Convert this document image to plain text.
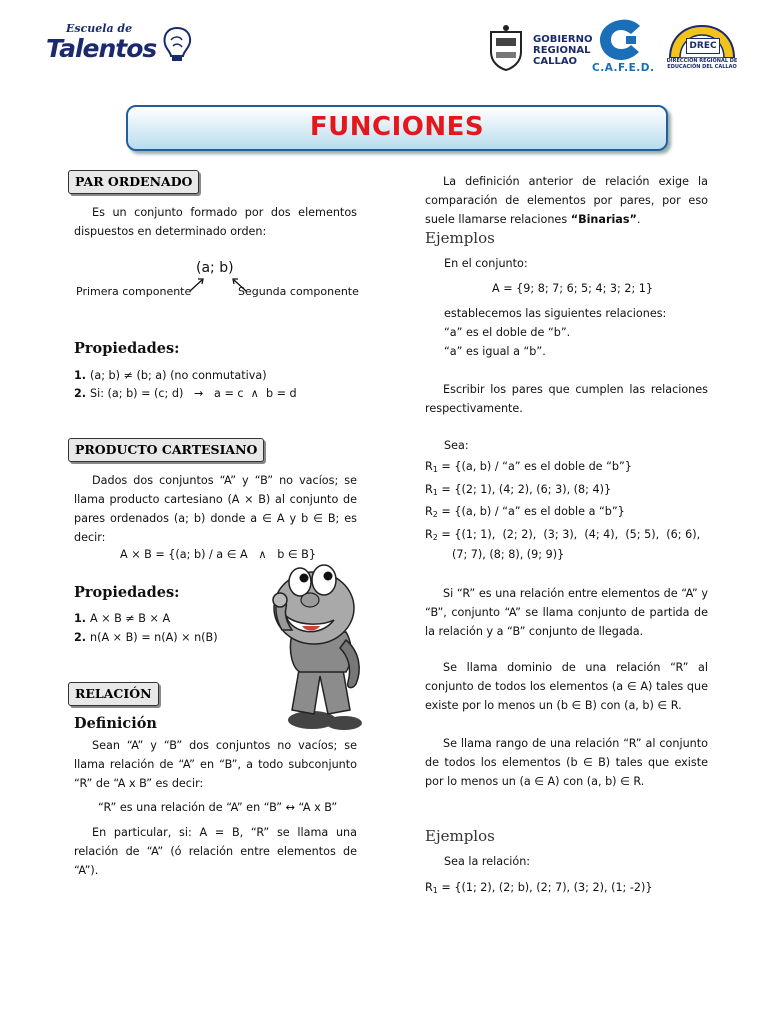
Escuela de
Talentos	GOBIERNO
REGIONAL
CALLAO
C.A.F.E.D.
DREC
DIRECCIÓN REGIONAL DE
EDUCACIÓN DEL CALLAO
FUNCIONES
PAR ORDENADO
Es un conjunto formado por dos elementos dispuestos en determinado orden:
(a; b)
Primera componente	Segunda componente
Propiedades:
1. (a; b) ≠ (b; a) (no conmutativa)
2. Si: (a; b) = (c; d)   →   a = c  ∧  b = d
PRODUCTO CARTESIANO
Dados dos conjuntos “A” y “B” no vacíos; se llama producto cartesiano (A × B) al conjunto de pares ordenados (a; b) donde a ∈ A y b ∈ B; es decir:
A × B = {(a; b) / a ∈ A   ∧   b ∈ B}
Propiedades:
1. A × B ≠ B × A
2. n(A × B) = n(A) × n(B)
RELACIÓN
Definición
Sean “A” y “B” dos conjuntos no vacíos; se llama relación de “A” en “B”, a todo subconjunto “R” de “A x B” es decir:
“R” es una relación de “A” en “B” ↔ “A x B”
En particular, si: A = B, “R” se llama una relación de “A” (ó relación entre elementos de “A”).
La definición anterior de relación exige la comparación de elementos por pares, por eso suele llamarse relaciones “Binarias”.
Ejemplos
En el conjunto:
A = {9; 8; 7; 6; 5; 4; 3; 2; 1}
establecemos las siguientes relaciones:
“a” es el doble de “b”.
“a” es igual a “b”.
Escribir los pares que cumplen las relaciones respectivamente.
Sea:
$R_1 = \{(a$, b) / “a” es el doble de “b”}
$R_1 = \{(2$; 1), (4; 2), (6; 3), (8; 4)}
$R_2 = \{(a$, b) / “a” es el doble a “b”}
$R_2 = \{(1$; 1),  (2; 2),  (3; 3),  (4; 4),  (5; 5),  (6; 6),
(7; 7), (8; 8), (9; 9)}
Si “R” es una relación entre elementos de “A” y “B”, conjunto “A” se llama conjunto de partida de la relación y a “B” conjunto de llegada.
Se llama dominio de una relación “R” al conjunto de todos los elementos (a ∈ A) tales que existe por lo menos un (b ∈ B) con (a, b) ∈ R.
Se llama rango de una relación “R” al conjunto de todos los elementos (b ∈ B) tales que existe por lo menos un (a ∈ A) con (a, b) ∈ R.
Ejemplos
Sea la relación:
$R_1 = \{(1$; 2), (2; b), (2; 7), (3; 2), (1; -2)}
